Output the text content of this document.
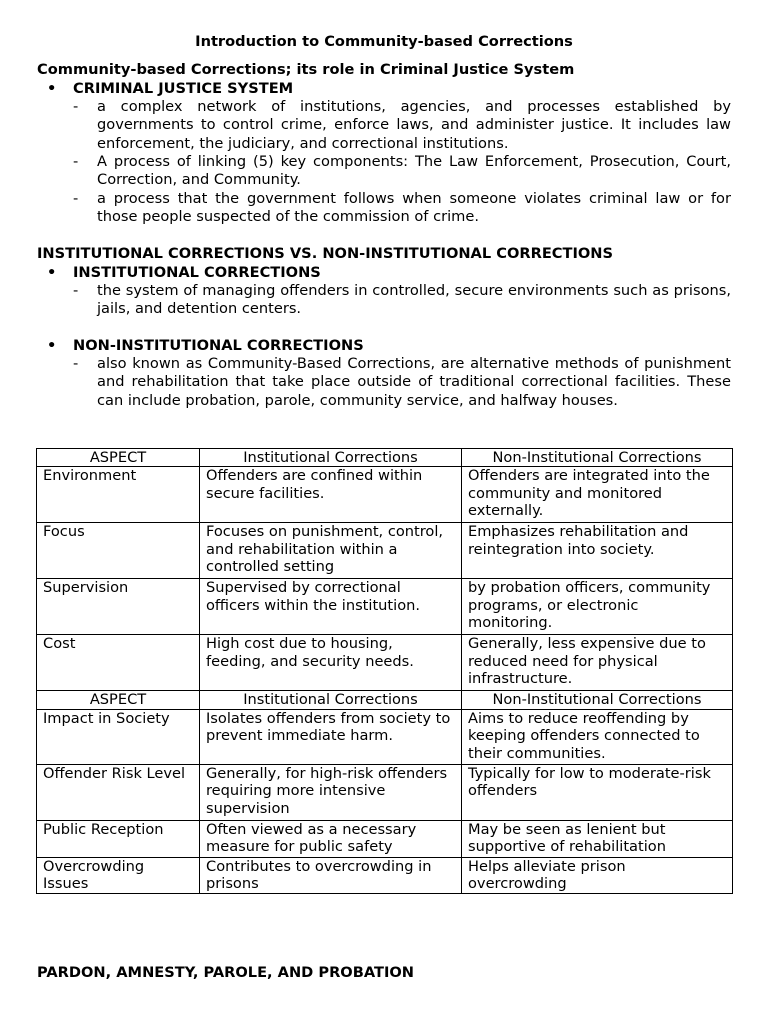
Introduction to Community-based Corrections
Community-based Corrections; its role in Criminal Justice System
• CRIMINAL JUSTICE SYSTEM
- a complex network of institutions, agencies, and processes established by governments to control crime, enforce laws, and administer justice. It includes law enforcement, the judiciary, and correctional institutions.
- A process of linking (5) key components: The Law Enforcement, Prosecution, Court, Correction, and Community.
- a process that the government follows when someone violates criminal law or for those people suspected of the commission of crime.
INSTITUTIONAL CORRECTIONS VS. NON-INSTITUTIONAL CORRECTIONS
• INSTITUTIONAL CORRECTIONS
- the system of managing offenders in controlled, secure environments such as prisons, jails, and detention centers.
• NON-INSTITUTIONAL CORRECTIONS
- also known as Community-Based Corrections, are alternative methods of punishment and rehabilitation that take place outside of traditional correctional facilities. These can include probation, parole, community service, and halfway houses.
ASPECT	Institutional Corrections	Non-Institutional Corrections
Environment	Offenders are confined within secure facilities.	Offenders are integrated into the community and monitored externally.
Focus	Focuses on punishment, control, and rehabilitation within a controlled setting	Emphasizes rehabilitation and reintegration into society.
Supervision	Supervised by correctional officers within the institution.	by probation officers, community programs, or electronic monitoring.
Cost	High cost due to housing, feeding, and security needs.	Generally, less expensive due to reduced need for physical infrastructure.
ASPECT	Institutional Corrections	Non-Institutional Corrections
Impact in Society	Isolates offenders from society to prevent immediate harm.	Aims to reduce reoffending by keeping offenders connected to their communities.
Offender Risk Level	Generally, for high-risk offenders requiring more intensive supervision	Typically for low to moderate-risk offenders
Public Reception	Often viewed as a necessary measure for public safety	May be seen as lenient but supportive of rehabilitation
Overcrowding Issues	Contributes to overcrowding in prisons	Helps alleviate prison overcrowding
PARDON, AMNESTY, PAROLE, AND PROBATION
